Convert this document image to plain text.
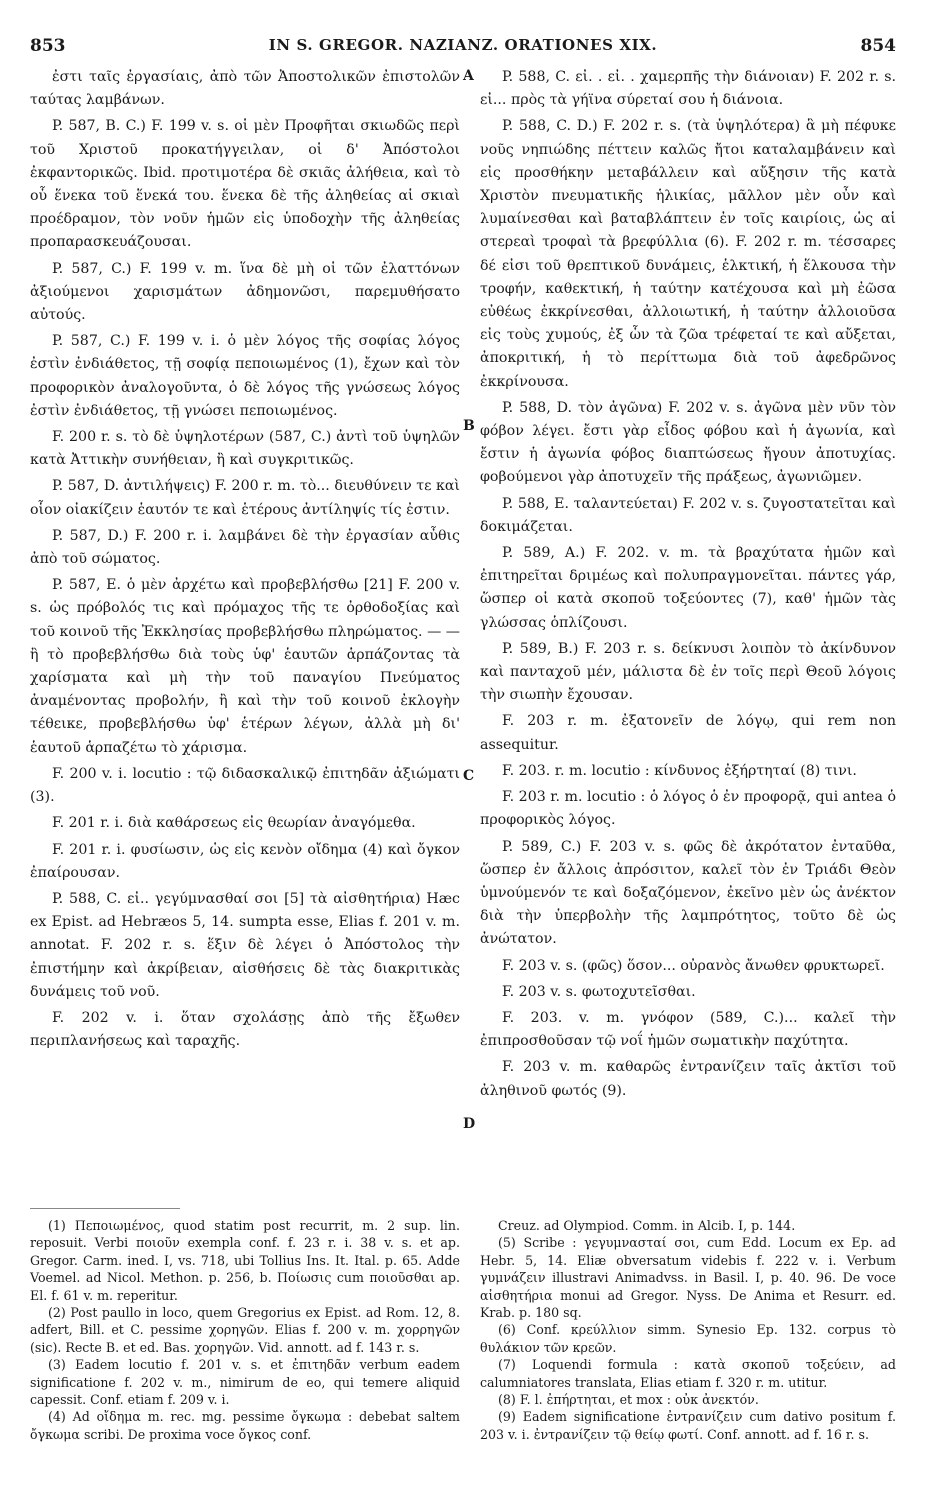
853	IN S. GREGOR. NAZIANZ. ORATIONES XIX.	854

ἐστι ταῖς ἐργασίαις, ἀπὸ τῶν Ἀποστολικῶν ἐπιστολῶν ταύτας λαμβάνων.

P. 587, B. C.) F. 199 v. s. οἱ μὲν Προφῆται σκιωδῶς περὶ τοῦ Χριστοῦ προκατήγγειλαν, οἱ δ' Ἀπόστολοι ἐκφαντορικῶς. Ibid. προτιμοτέρα δὲ σκιᾶς ἀλήθεια, καὶ τὸ οὗ ἕνεκα τοῦ ἕνεκά του. ἕνεκα δὲ τῆς ἀληθείας αἱ σκιαὶ προέδραμον, τὸν νοῦν ἡμῶν εἰς ὑποδοχὴν τῆς ἀληθείας προπαρασκευάζουσαι.

P. 587, C.) F. 199 v. m. ἵνα δὲ μὴ οἱ τῶν ἐλαττόνων ἀξιούμενοι χαρισμάτων ἀδημονῶσι, παρεμυθήσατο αὐτούς.

P. 587, C.) F. 199 v. i. ὁ μὲν λόγος τῆς σοφίας λόγος ἐστὶν ἐνδιάθετος, τῇ σοφίᾳ πεποιωμένος (1), ἔχων καὶ τὸν προφορικὸν ἀναλογοῦντα, ὁ δὲ λόγος τῆς γνώσεως λόγος ἐστὶν ἐνδιάθετος, τῇ γνώσει πεποιωμένος.

F. 200 r. s. τὸ δὲ ὑψηλοτέρων (587, C.) ἀντὶ τοῦ ὑψηλῶν κατὰ Ἀττικὴν συνήθειαν, ἢ καὶ συγκριτικῶς.

P. 587, D. ἀντιλήψεις) F. 200 r. m. τὸ... διευθύνειν τε καὶ οἷον οἰακίζειν ἑαυτόν τε καὶ ἑτέρους ἀντίληψίς τίς ἐστιν.

P. 587, D.) F. 200 r. i. λαμβάνει δὲ τὴν ἐργασίαν αὖθις ἀπὸ τοῦ σώματος.

P. 587, E. ὁ μὲν ἀρχέτω καὶ προβεβλήσθω [21] F. 200 v. s. ὡς πρόβολός τις καὶ πρόμαχος τῆς τε ὀρθοδοξίας καὶ τοῦ κοινοῦ τῆς Ἐκκλησίας προβεβλήσθω πληρώματος. — — ἢ τὸ προβεβλήσθω διὰ τοὺς ὑφ' ἑαυτῶν ἁρπάζοντας τὰ χαρίσματα καὶ μὴ τὴν τοῦ παναγίου Πνεύματος ἀναμένοντας προβολήν, ἢ καὶ τὴν τοῦ κοινοῦ ἐκλογὴν τέθεικε, προβεβλήσθω ὑφ' ἑτέρων λέγων, ἀλλὰ μὴ δι' ἑαυτοῦ ἁρπαζέτω τὸ χάρισμα.

F. 200 v. i. locutio : τῷ διδασκαλικῷ ἐπιτηδᾶν ἀξιώματι (3).

F. 201 r. i. διὰ καθάρσεως εἰς θεωρίαν ἀναγόμεθα.

F. 201 r. i. φυσίωσιν, ὡς εἰς κενὸν οἴδημα (4) καὶ ὄγκον ἐπαίρουσαν.

P. 588, C. εἰ.. γεγύμνασθαί σοι [5] τὰ αἰσθητήρια) Hæc ex Epist. ad Hebræos 5, 14. sumpta esse, Elias f. 201 v. m. annotat. F. 202 r. s. ἕξιν δὲ λέγει ὁ Ἀπόστολος τὴν ἐπιστήμην καὶ ἀκρίβειαν, αἰσθήσεις δὲ τὰς διακριτικὰς δυνάμεις τοῦ νοῦ.

F. 202 v. i. ὅταν σχολάσῃς ἀπὸ τῆς ἔξωθεν περιπλανήσεως καὶ ταραχῆς.

A
B
C
D

P. 588, C. εἰ. . εἰ. . χαμερπῆς τὴν διάνοιαν) F. 202 r. s. εἰ... πρὸς τὰ γήϊνα σύρεταί σου ἡ διάνοια.

P. 588, C. D.) F. 202 r. s. (τὰ ὑψηλότερα) ἃ μὴ πέφυκε νοῦς νηπιώδης πέττειν καλῶς ἤτοι καταλαμβάνειν καὶ εἰς προσθήκην μεταβάλλειν καὶ αὔξησιν τῆς κατὰ Χριστὸν πνευματικῆς ἡλικίας, μᾶλλον μὲν οὖν καὶ λυμαίνεσθαι καὶ βαταβλάπτειν ἐν τοῖς καιρίοις, ὡς αἱ στερεαὶ τροφαὶ τὰ βρεφύλλια (6). F. 202 r. m. τέσσαρες δέ εἰσι τοῦ θρεπτικοῦ δυνάμεις, ἑλκτική, ἡ ἕλκουσα τὴν τροφήν, καθεκτική, ἡ ταύτην κατέχουσα καὶ μὴ ἐῶσα εὐθέως ἐκκρίνεσθαι, ἀλλοιωτική, ἡ ταύτην ἀλλοιοῦσα εἰς τοὺς χυμούς, ἐξ ὧν τὰ ζῶα τρέφεταί τε καὶ αὔξεται, ἀποκριτική, ἡ τὸ περίττωμα διὰ τοῦ ἀφεδρῶνος ἐκκρίνουσα.

P. 588, D. τὸν ἀγῶνα) F. 202 v. s. ἀγῶνα μὲν νῦν τὸν φόβον λέγει. ἔστι γὰρ εἶδος φόβου καὶ ἡ ἀγωνία, καὶ ἔστιν ἡ ἀγωνία φόβος διαπτώσεως ἤγουν ἀποτυχίας. φοβούμενοι γὰρ ἀποτυχεῖν τῆς πράξεως, ἀγωνιῶμεν.

P. 588, E. ταλαντεύεται) F. 202 v. s. ζυγοστατεῖται καὶ δοκιμάζεται.

P. 589, A.) F. 202. v. m. τὰ βραχύτατα ἡμῶν καὶ ἐπιτηρεῖται δριμέως καὶ πολυπραγμονεῖται. πάντες γάρ, ὥσπερ οἱ κατὰ σκοποῦ τοξεύοντες (7), καθ' ἡμῶν τὰς γλώσσας ὁπλίζουσι.

P. 589, B.) F. 203 r. s. δείκνυσι λοιπὸν τὸ ἀκίνδυνον καὶ πανταχοῦ μέν, μάλιστα δὲ ἐν τοῖς περὶ Θεοῦ λόγοις τὴν σιωπὴν ἔχουσαν.

F. 203 r. m. ἐξατονεῖν de λόγῳ, qui rem non assequitur.

F. 203. r. m. locutio : κίνδυνος ἐξήρτηταί (8) τινι.

F. 203 r. m. locutio : ὁ λόγος ὁ ἐν προφορᾷ, qui antea ὁ προφορικὸς λόγος.

P. 589, C.) F. 203 v. s. φῶς δὲ ἀκρότατον ἐνταῦθα, ὥσπερ ἐν ἄλλοις ἀπρόσιτον, καλεῖ τὸν ἐν Τριάδι Θεὸν ὑμνούμενόν τε καὶ δοξαζόμενον, ἐκεῖνο μὲν ὡς ἀνέκτον διὰ τὴν ὑπερβολὴν τῆς λαμπρότητος, τοῦτο δὲ ὡς ἀνώτατον.

F. 203 v. s. (φῶς) ὅσον... οὐρανὸς ἄνωθεν φρυκτωρεῖ.

F. 203 v. s. φωτοχυτεῖσθαι.

F. 203. v. m. γνόφον (589, C.)... καλεῖ τὴν ἐπιπροσθοῦσαν τῷ νοΐ ἡμῶν σωματικὴν παχύτητα.

F. 203 v. m. καθαρῶς ἐντρανίζειν ταῖς ἀκτῖσι τοῦ ἀληθινοῦ φωτός (9).

(1) Πεποιωμένος, quod statim post recurrit, m. 2 sup. lin. reposuit. Verbi ποιοῦν exempla conf. f. 23 r. i. 38 v. s. et ap. Gregor. Carm. ined. I, vs. 718, ubi Tollius Ins. It. Ital. p. 65. Adde Voemel. ad Nicol. Methon. p. 256, b. Ποίωσις cum ποιοῦσθαι ap. El. f. 61 v. m. reperitur.

(2) Post paullo in loco, quem Gregorius ex Epist. ad Rom. 12, 8. adfert, Bill. et C. pessime χορηγῶν. Elias f. 200 v. m. χορρηγῶν (sic). Recte B. et ed. Bas. χορηγῶν. Vid. annott. ad f. 143 r. s.

(3) Eadem locutio f. 201 v. s. et ἐπιτηδᾶν verbum eadem significatione f. 202 v. m., nimirum de eo, qui temere aliquid capessit. Conf. etiam f. 209 v. i.

(4) Ad οἴδημα m. rec. mg. pessime ὄγκωμα : debebat saltem ὄγκωμα scribi. De proxima voce ὄγκος conf.

Creuz. ad Olympiod. Comm. in Alcib. I, p. 144.

(5) Scribe : γεγυμνασταί σοι, cum Edd. Locum ex Ep. ad Hebr. 5, 14. Eliæ obversatum videbis f. 222 v. i. Verbum γυμνάζειν illustravi Animadvss. in Basil. I, p. 40. 96. De voce αἰσθητήρια monui ad Gregor. Nyss. De Anima et Resurr. ed. Krab. p. 180 sq.

(6) Conf. κρεύλλιον simm. Synesio Ep. 132. corpus τὸ θυλάκιον τῶν κρεῶν.

(7) Loquendi formula : κατὰ σκοποῦ τοξεύειν, ad calumniatores translata, Elias etiam f. 320 r. m. utitur.

(8) F. l. ἐπήρτηται, et mox : οὐκ ἀνεκτόν.

(9) Eadem significatione ἐντρανίζειν cum dativo positum f. 203 v. i. ἐντρανίζειν τῷ θείῳ φωτί. Conf. annott. ad f. 16 r. s.
